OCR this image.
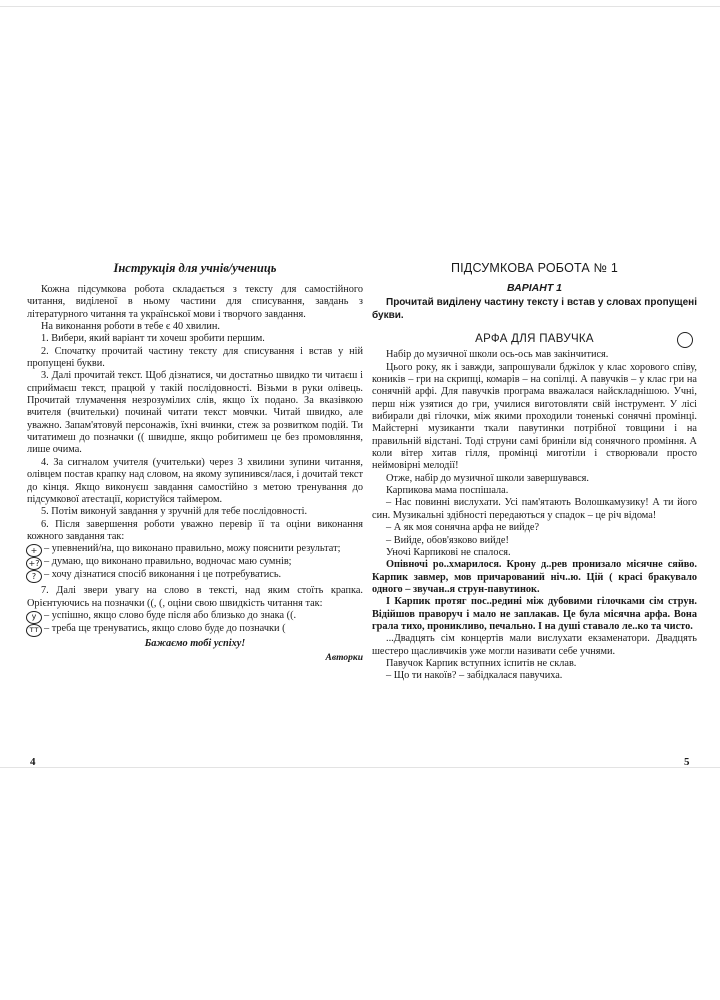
Інструкція для учнів/учениць

Кожна підсумкова робота складається з тексту для самостійного читання, виділеної в ньому частини для списування, завдань з літературного читання та української мови і творчого завдання.

На виконання роботи в тебе є 40 хвилин.

1. Вибери, який варіант ти хочеш зробити першим.

2. Спочатку прочитай частину тексту для списування і встав у ній пропущені букви.

3. Далі прочитай текст. Щоб дізнатися, чи достатньо швидко ти читаєш і сприймаєш текст, працюй у такій послідовності. Візьми в руки олівець. Прочитай тлумачення незрозумілих слів, якщо їх подано. За вказівкою вчителя (вчительки) починай читати текст мовчки. Читай швидко, але уважно. Запам'ятовуй персонажів, їхні вчинки, стеж за розвитком подій. Ти читатимеш до позначки (( швидше, якщо робитимеш це без промовляння, лише очима.

4. За сигналом учителя (учительки) через 3 хвилини зупини читання, олівцем постав крапку над словом, на якому зупинився/лася, і дочитай текст до кінця. Якщо виконуєш завдання самостійно з метою тренування до підсумкової атестації, користуйся таймером.

5. Потім виконуй завдання у зручній для тебе послідовності.

6. Після завершення роботи уважно перевір її та оціни виконання кожного завдання так:

+ – упевнений/на, що виконано правильно, можу пояснити результат;
+? – думаю, що виконано правильно, водночас маю сумнів;
? – хочу дізнатися спосіб виконання і це потребуватись.

7. Далі звери увагу на слово в тексті, над яким стоїть крапка. Орієнтуючись на позначки ((, (, оціни свою швидкість читання так:

у – успішно, якщо слово буде після або близько до знака ((.
тт – треба ще тренуватись, якщо слово буде до позначки (

Бажаємо тобі успіху!

Авторки

4

ПІДСУМКОВА РОБОТА № 1

ВАРІАНТ 1

Прочитай виділену частину тексту і встав у словах пропущені букви.

АРФА ДЛЯ ПАВУЧКА

Набір до музичної школи ось-ось мав закінчитися.

Цього року, як і завжди, запрошували бджілок у клас хорового співу, коників – гри на скрипці, комарів – на сопілці. А павучків – у клас гри на сонячній арфі. Для павучків програма вважалася найскладнішою. Учні, перш ніж узятися до гри, училися виготовляти свій інструмент. У лісі вибирали дві гілочки, між якими проходили тоненькі сонячні промінці. Майстерні музиканти ткали павутинки потрібної товщини і на правильній відстані. Тоді струни самі бриніли від сонячного проміння. А коли вітер хитав гілля, промінці миготіли і створювали просто неймовірні мелодії!

Отже, набір до музичної школи завершувався.

Карпикова мама поспішала.

– Нас повинні вислухати. Усі пам'ятають Волошкамузику! А ти його син. Музикальні здібності передаються у спадок – це річ відома!

– А як моя сонячна арфа не вийде?

– Вийде, обов'язково вийде!

Уночі Карпикові не спалося.

Опівночі ро..хмарилося. Крону д..рев пронизало місячне сяйво. Карпик завмер, мов причарований ніч..ю. Цій ( красі бракувало одного – звучан..я струн-павутинок.

І Карпик протяг пос..редині між дубовими гілочками сім струн. Відійшов праворуч і мало не заплакав. Це була місячна арфа. Вона грала тихо, проникливо, печально. І на душі ставало ле..ко та чисто.

...Двадцять сім концертів мали вислухати екзаменатори. Двадцять шестеро щасливчиків уже могли називати себе учнями.

Павучок Карпик вступних іспитів не склав.

– Що ти накоїв? – забідкалася павучиха.

5
